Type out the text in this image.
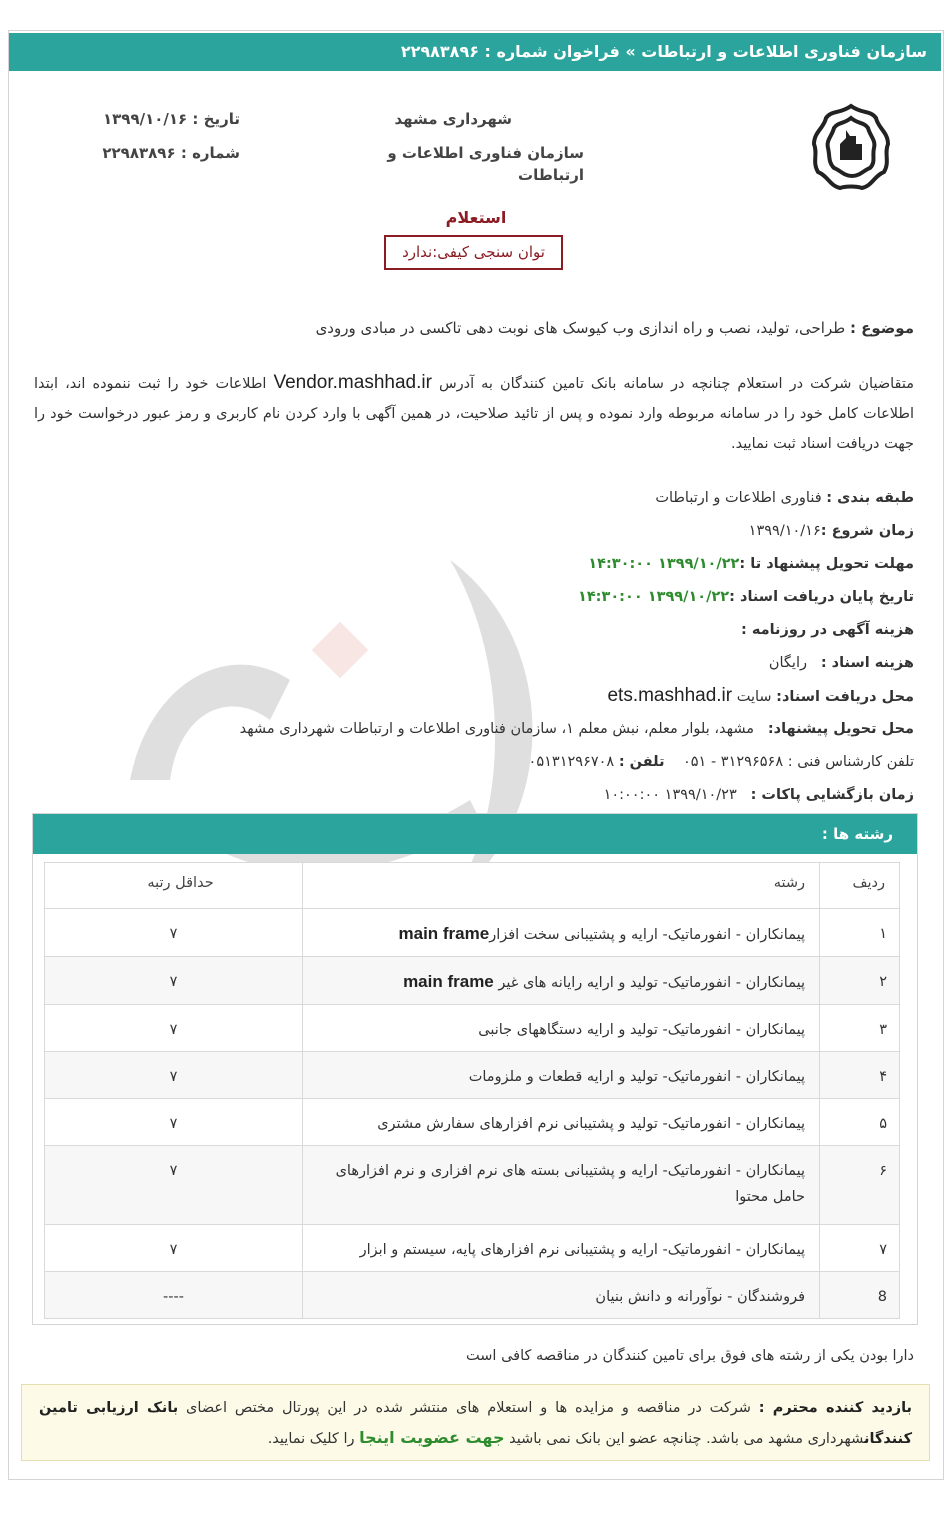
سازمان فناوری اطلاعات و ارتباطات » فراخوان شماره : ۲۲۹۸۳۸۹۶
شهرداری مشهد
سازمان فناوری اطلاعات و ارتباطات
تاریخ : ۱۳۹۹/۱۰/۱۶
شماره : ۲۲۹۸۳۸۹۶
استعلام
توان سنجی کیفی:ندارد
موضوع : طراحی، تولید، نصب و راه اندازی وب کیوسک های نوبت دهی تاکسی در مبادی ورودی
متقاضیان شرکت در استعلام چنانچه در سامانه بانک تامین کنندگان به آدرس Vendor.mashhad.ir اطلاعات خود را ثبت ننموده اند، ابتدا اطلاعات کامل خود را در سامانه مربوطه وارد نموده و پس از تائید صلاحیت، در همین آگهی با وارد کردن نام کاربری و رمز عبور درخواست خود را جهت دریافت اسناد ثبت نمایید.
طبقه بندی : فناوری اطلاعات و ارتباطات
زمان شروع :۱۳۹۹/۱۰/۱۶
مهلت تحویل پیشنهاد تا :۱۳۹۹/۱۰/۲۲ ۱۴:۳۰:۰۰
تاریخ پایان دریافت اسناد :۱۳۹۹/۱۰/۲۲ ۱۴:۳۰:۰۰
هزینه آگهی در روزنامه :
هزینه اسناد :   رایگان
محل دریافت اسناد: سایت ets.mashhad.ir
محل تحویل پیشنهاد:   مشهد، بلوار معلم، نبش معلم ۱، سازمان فناوری اطلاعات و ارتباطات شهرداری مشهد
تلفن کارشناس فنی : ۳۱۲۹۶۵۶۸ - ۰۵۱    تلفن : ۰۵۱۳۱۲۹۶۷۰۸
زمان بازگشایی پاکات :   ۱۳۹۹/۱۰/۲۳ ۱۰:۰۰:۰۰
رشته ها :
ردیف	رشته	حداقل رتبه
۱	پیمانکاران - انفورماتیک- ارایه و پشتیبانی سخت افزارmain frame	۷
۲	پیمانکاران - انفورماتیک- تولید و ارایه رایانه های غیر main frame	۷
۳	پیمانکاران - انفورماتیک- تولید و ارایه دستگاههای جانبی	۷
۴	پیمانکاران - انفورماتیک- تولید و ارایه قطعات و ملزومات	۷
۵	پیمانکاران - انفورماتیک- تولید و پشتیبانی نرم افزارهای سفارش مشتری	۷
۶	پیمانکاران - انفورماتیک- ارایه و پشتیبانی بسته های نرم افزاری و نرم افزارهای حامل محتوا	۷
۷	پیمانکاران - انفورماتیک- ارایه و پشتیبانی نرم افزارهای پایه، سیستم و ابزار	۷
8	فروشندگان - نوآورانه و دانش بنیان	----
دارا بودن یکی از رشته های فوق برای تامین کنندگان در مناقصه کافی است
بازدید کننده محترم : شرکت در مناقصه و مزایده ها و استعلام های منتشر شده در این پورتال مختص اعضای بانک ارزیابی تامین کنندگانشهرداری مشهد می باشد. چنانچه عضو این بانک نمی باشید جهت عضویت اینجا را کلیک نمایید.
